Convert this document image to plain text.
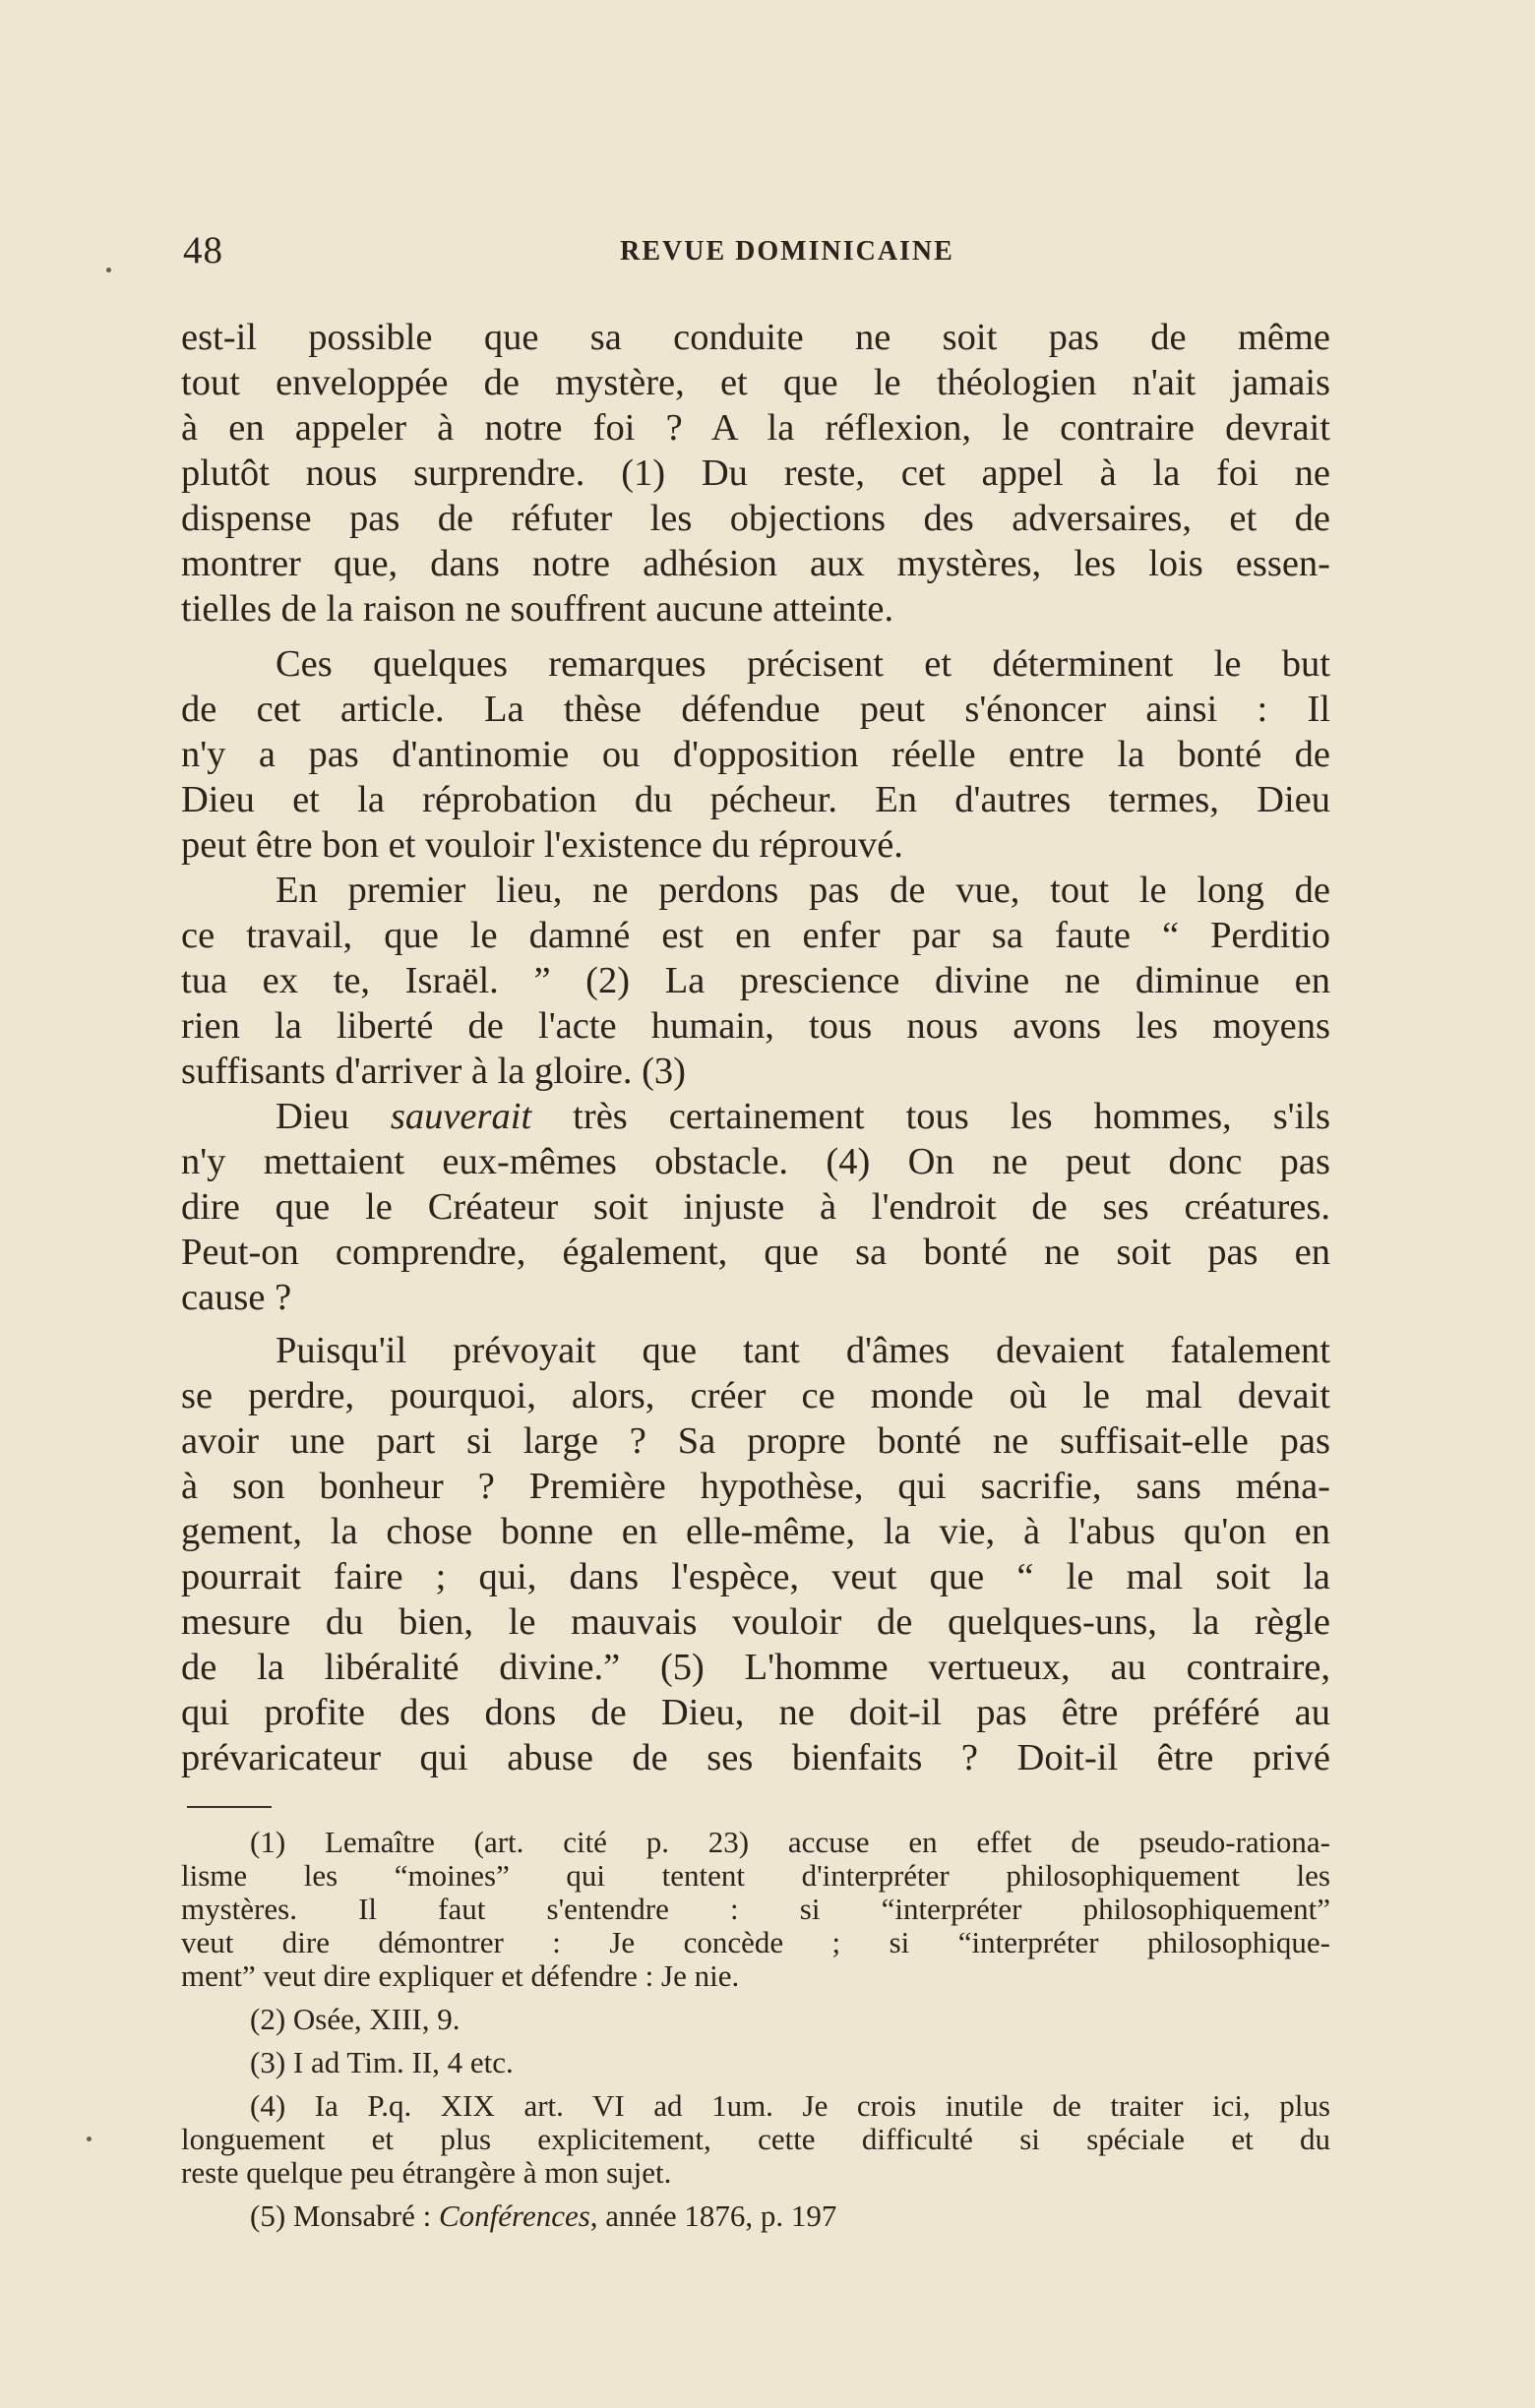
48	REVUE DOMINICAINE
est-il possible que sa conduite ne soit pas de même
tout enveloppée de mystère, et que le théologien n'ait jamais
à en appeler à notre foi ? A la réflexion, le contraire devrait
plutôt nous surprendre. (1) Du reste, cet appel à la foi ne
dispense pas de réfuter les objections des adversaires, et de
montrer que, dans notre adhésion aux mystères, les lois essen-
tielles de la raison ne souffrent aucune atteinte.
Ces quelques remarques précisent et déterminent le but
de cet article. La thèse défendue peut s'énoncer ainsi : Il
n'y a pas d'antinomie ou d'opposition réelle entre la bonté de
Dieu et la réprobation du pécheur. En d'autres termes, Dieu
peut être bon et vouloir l'existence du réprouvé.
En premier lieu, ne perdons pas de vue, tout le long de
ce travail, que le damné est en enfer par sa faute “ Perditio
tua ex te, Israël. ” (2) La prescience divine ne diminue en
rien la liberté de l'acte humain, tous nous avons les moyens
suffisants d'arriver à la gloire. (3)
Dieu sauverait très certainement tous les hommes, s'ils
n'y mettaient eux-mêmes obstacle. (4) On ne peut donc pas
dire que le Créateur soit injuste à l'endroit de ses créatures.
Peut-on comprendre, également, que sa bonté ne soit pas en
cause ?
Puisqu'il prévoyait que tant d'âmes devaient fatalement
se perdre, pourquoi, alors, créer ce monde où le mal devait
avoir une part si large ? Sa propre bonté ne suffisait-elle pas
à son bonheur ? Première hypothèse, qui sacrifie, sans ména-
gement, la chose bonne en elle-même, la vie, à l'abus qu'on en
pourrait faire ; qui, dans l'espèce, veut que “ le mal soit la
mesure du bien, le mauvais vouloir de quelques-uns, la règle
de la libéralité divine.” (5) L'homme vertueux, au contraire,
qui profite des dons de Dieu, ne doit-il pas être préféré au
prévaricateur qui abuse de ses bienfaits ? Doit-il être privé
(1) Lemaître (art. cité p. 23) accuse en effet de pseudo-rationa-
lisme les “moines” qui tentent d'interpréter philosophiquement les
mystères. Il faut s'entendre : si “interpréter philosophiquement”
veut dire démontrer : Je concède ; si “interpréter philosophique-
ment” veut dire expliquer et défendre : Je nie.
(2) Osée, XIII, 9.
(3) I ad Tim. II, 4 etc.
(4) Ia P.q. XIX art. VI ad 1um. Je crois inutile de traiter ici, plus
longuement et plus explicitement, cette difficulté si spéciale et du
reste quelque peu étrangère à mon sujet.
(5) Monsabré : Conférences, année 1876, p. 197
